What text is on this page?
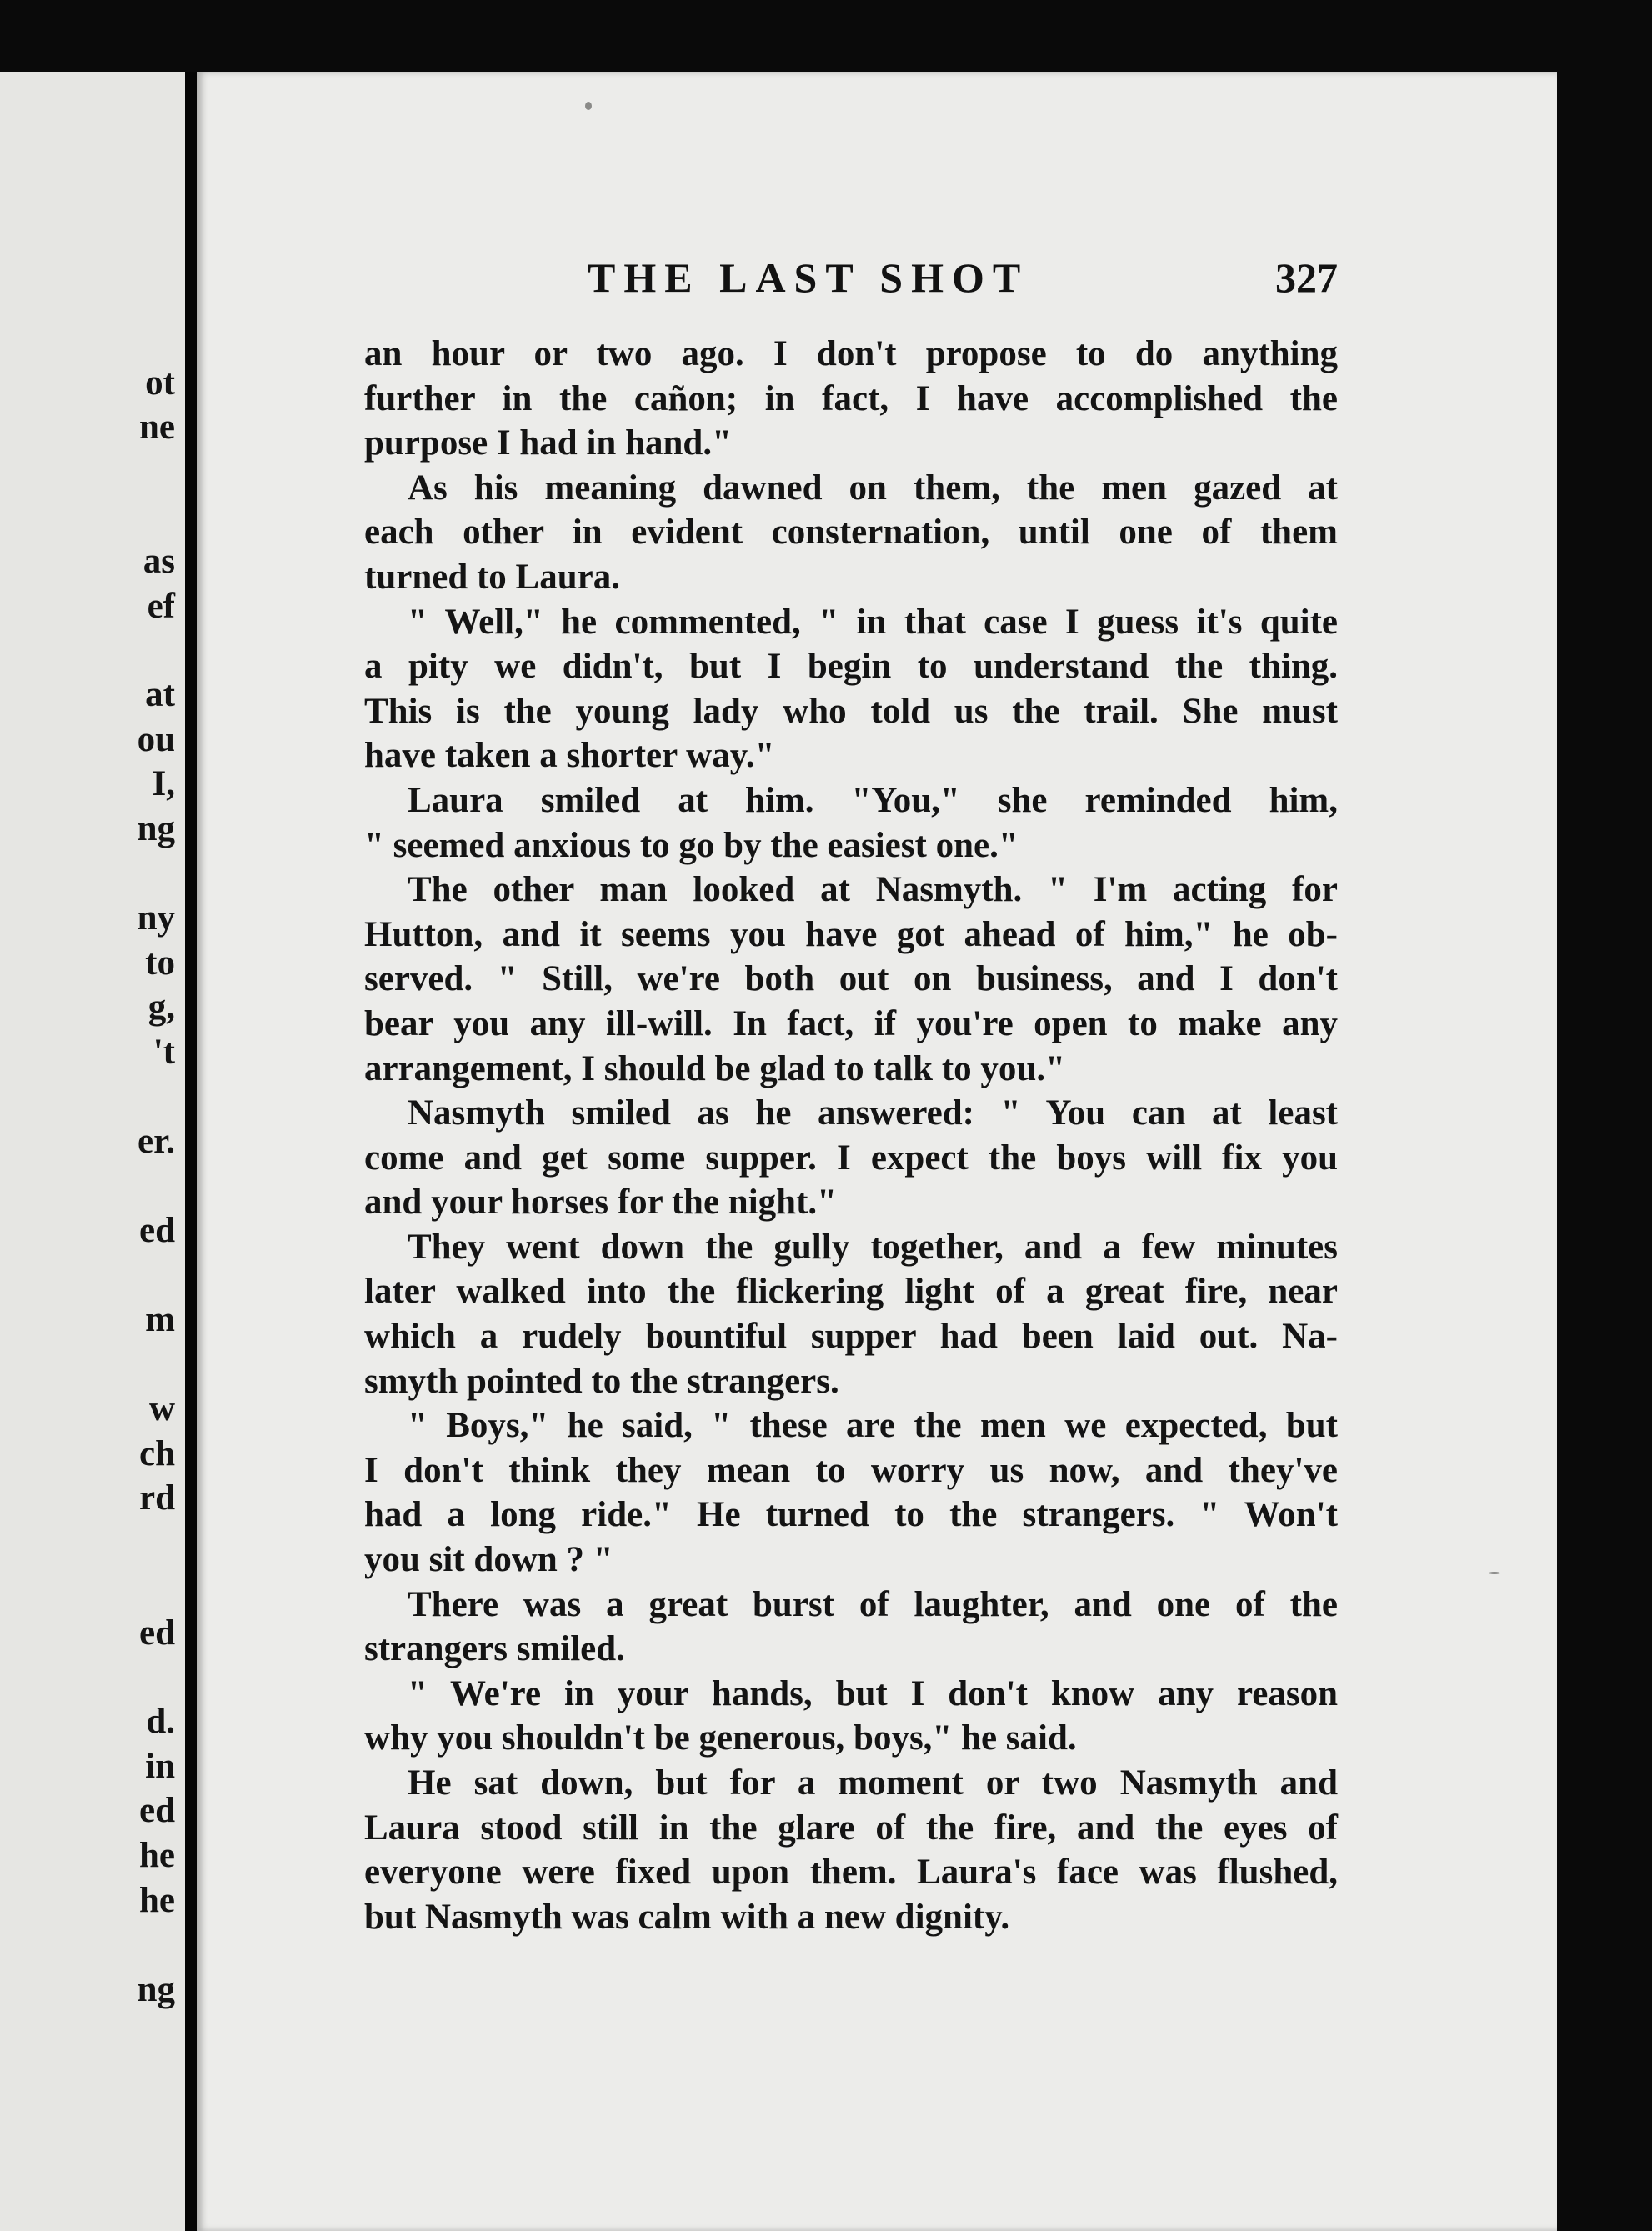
ot
ne
as
ef
at
ou
I,
ng
ny
to
g,
't
er.
ed
m
w
ch
rd
ed
d.
in
ed
he
he
ng
THE LAST SHOT	327
an hour or two ago. I don't propose to do anything
further in the cañon; in fact, I have accomplished the
purpose I had in hand."
As his meaning dawned on them, the men gazed at
each other in evident consternation, until one of them
turned to Laura.
" Well," he commented, " in that case I guess it's quite
a pity we didn't, but I begin to understand the thing.
This is the young lady who told us the trail. She must
have taken a shorter way."
Laura smiled at him. "You," she reminded him,
" seemed anxious to go by the easiest one."
The other man looked at Nasmyth. " I'm acting for
Hutton, and it seems you have got ahead of him," he ob-
served. " Still, we're both out on business, and I don't
bear you any ill-will. In fact, if you're open to make any
arrangement, I should be glad to talk to you."
Nasmyth smiled as he answered: " You can at least
come and get some supper. I expect the boys will fix you
and your horses for the night."
They went down the gully together, and a few minutes
later walked into the flickering light of a great fire, near
which a rudely bountiful supper had been laid out. Na-
smyth pointed to the strangers.
" Boys," he said, " these are the men we expected, but
I don't think they mean to worry us now, and they've
had a long ride." He turned to the strangers. " Won't
you sit down ? "
There was a great burst of laughter, and one of the
strangers smiled.
" We're in your hands, but I don't know any reason
why you shouldn't be generous, boys," he said.
He sat down, but for a moment or two Nasmyth and
Laura stood still in the glare of the fire, and the eyes of
everyone were fixed upon them. Laura's face was flushed,
but Nasmyth was calm with a new dignity.
